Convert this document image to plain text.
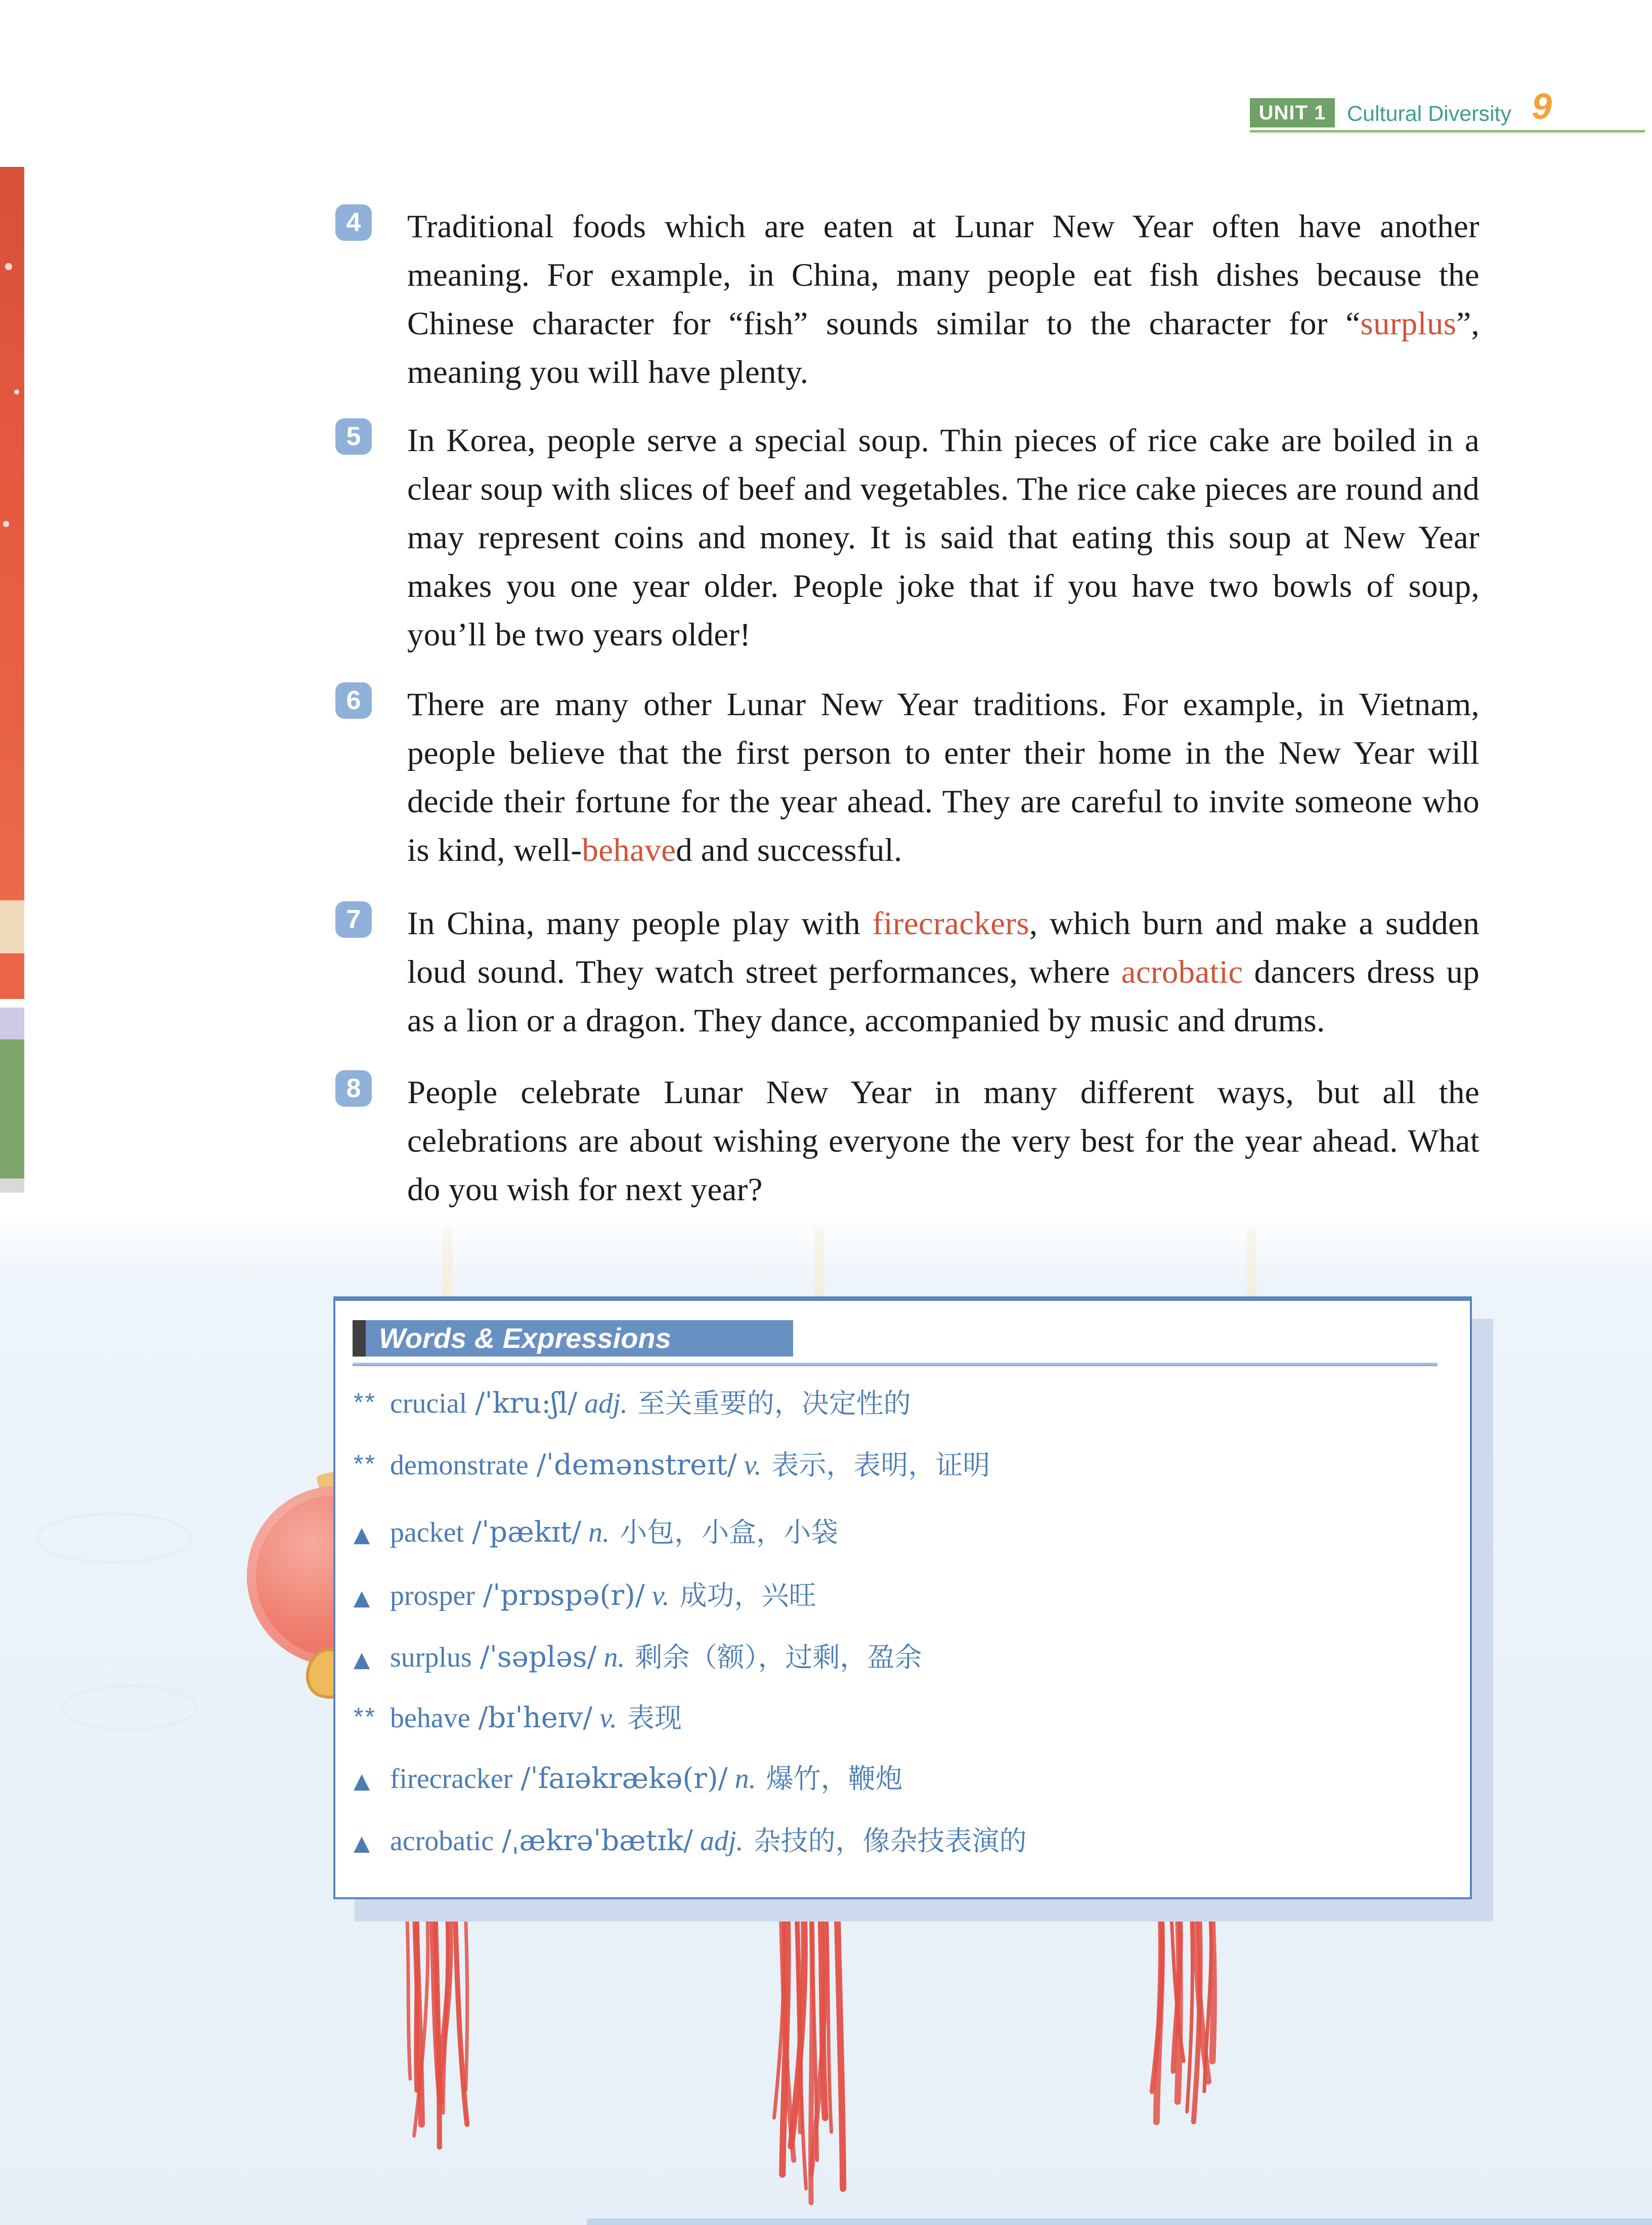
UNIT 1 Cultural Diversity 9
4	Traditional foods which are eaten at Lunar New Year often have another meaning. For example, in China, many people eat fish dishes because the Chinese character for “fish” sounds similar to the character for “surplus”, meaning you will have plenty.
5	In Korea, people serve a special soup. Thin pieces of rice cake are boiled in a clear soup with slices of beef and vegetables. The rice cake pieces are round and may represent coins and money. It is said that eating this soup at New Year makes you one year older. People joke that if you have two bowls of soup, you’ll be two years older!
6	There are many other Lunar New Year traditions. For example, in Vietnam, people believe that the first person to enter their home in the New Year will decide their fortune for the year ahead. They are careful to invite someone who is kind, well-behaved and successful.
7	In China, many people play with firecrackers, which burn and make a sudden loud sound. They watch street performances, where acrobatic dancers dress up as a lion or a dragon. They dance, accompanied by music and drums.
8	People celebrate Lunar New Year in many different ways, but all the celebrations are about wishing everyone the very best for the year ahead. What do you wish for next year?
Words & Expressions
** crucial /ˈkru:ʃl/ adj. 至关重要的，决定性的
** demonstrate /ˈdemənstreɪt/ v. 表示，表明，证明
▲ packet /ˈpækɪt/ n. 小包，小盒，小袋
▲ prosper /ˈprɒspə(r)/ v. 成功，兴旺
▲ surplus /ˈsəpləs/ n. 剩余（额），过剩，盈余
** behave /bɪˈheɪv/ v. 表现
▲ firecracker /ˈfaɪəkrækə(r)/ n. 爆竹，鞭炮
▲ acrobatic /ˌækrəˈbætɪk/ adj. 杂技的，像杂技表演的
